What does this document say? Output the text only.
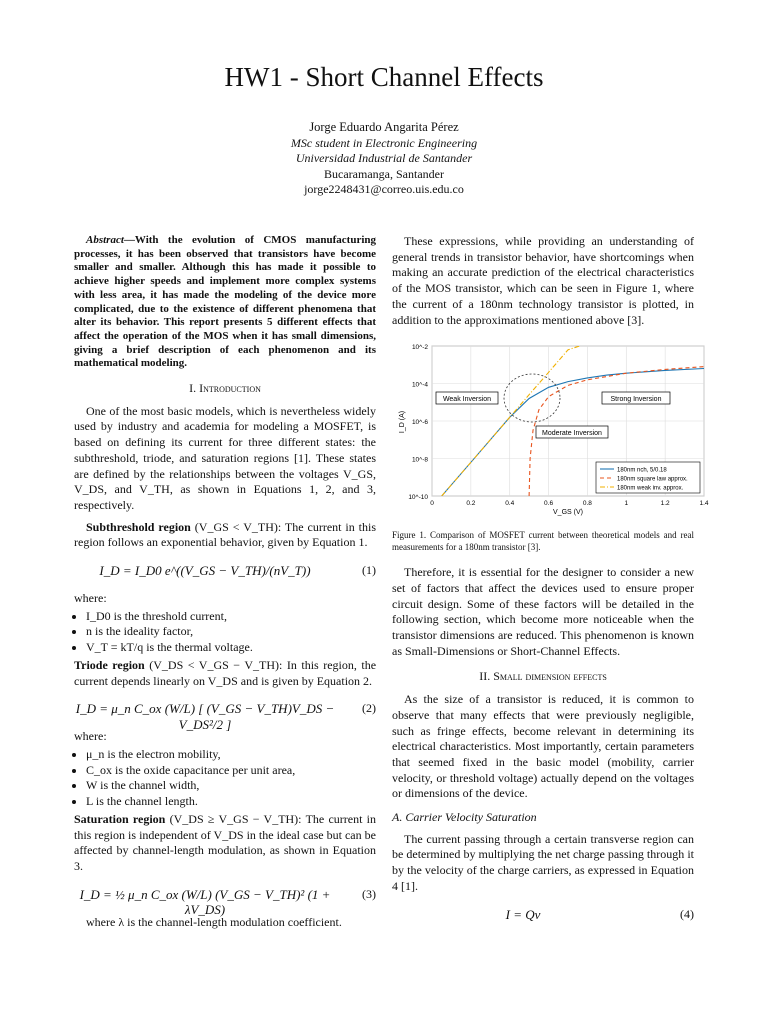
HW1 - Short Channel Effects
Jorge Eduardo Angarita Pérez
MSc student in Electronic Engineering
Universidad Industrial de Santander
Bucaramanga, Santander
jorge2248431@correo.uis.edu.co

Abstract—With the evolution of CMOS manufacturing processes, it has been observed that transistors have become smaller and smaller. Although this has made it possible to achieve higher speeds and implement more complex systems with less area, it has made the modeling of the device more complicated, due to the existence of different phenomena that alter its behavior. This report presents 5 different effects that affect the operation of the MOS when it has small dimensions, giving a brief description of each phenomenon and its mathematical modeling.

I. Introduction

One of the most basic models, which is nevertheless widely used by industry and academia for modeling a MOSFET, is based on defining its current for three different states: the subthreshold, triode, and saturation regions [1]. These states are defined by the relationships between the voltages V_GS, V_DS, and V_TH, as shown in Equations 1, 2, and 3, respectively.

Subthreshold region (V_GS < V_TH): The current in this region follows an exponential behavior, given by Equation 1.

I_D = I_D0 e^((V_GS − V_TH)/(nV_T))	(1)
where:
• I_D0 is the threshold current,
• n is the ideality factor,
• V_T = kT/q is the thermal voltage.

Triode region (V_DS < V_GS − V_TH): In this region, the current depends linearly on V_DS and is given by Equation 2.

I_D = μ_n C_ox (W/L) [ (V_GS − V_TH)V_DS − V_DS²/2 ]
(2)
where:
• μ_n is the electron mobility,
• C_ox is the oxide capacitance per unit area,
• W is the channel width,
• L is the channel length.

Saturation region (V_DS ≥ V_GS − V_TH): The current in this region is independent of V_DS in the ideal case but can be affected by channel-length modulation, as shown in Equation 3.

I_D = ½ μ_n C_ox (W/L) (V_GS − V_TH)² (1 + λV_DS)
(3)

where λ is the channel-length modulation coefficient.

These expressions, while providing an understanding of general trends in transistor behavior, have shortcomings when making an accurate prediction of the electrical characteristics of the MOS transistor, which can be seen in Figure 1, where the current of a 180nm technology transistor is plotted, in addition to the approximations mentioned above [3].

10^-2
10^-4
10^-6
10^-8
10^-10
0	0.2	0.4	0.6	0.8	1	1.2	1.4
Weak Inversion	Strong Inversion
Moderate Inversion
180nm nch, 5/0.18
180nm square law approx.
180nm weak inv. approx.
V_GS (V)
I_D (A)

Figure 1. Comparison of MOSFET current between theoretical models and real measurements for a 180nm transistor [3].

Therefore, it is essential for the designer to consider a new set of factors that affect the devices used to ensure proper circuit design. Some of these factors will be detailed in the following section, which become more noticeable when the transistor dimensions are reduced. This phenomenon is known as Small-Dimensions or Short-Channel Effects.

II. Small dimension effects

As the size of a transistor is reduced, it is common to observe that many effects that were previously negligible, such as fringe effects, become relevant in determining its electrical characteristics. Most importantly, certain parameters that seemed fixed in the basic model (mobility, carrier velocity, or threshold voltage) actually depend on the voltages or dimensions of the device.

A. Carrier Velocity Saturation

The current passing through a certain transverse region can be determined by multiplying the net charge passing through it by the velocity of the charge carriers, as expressed in Equation 4 [1].

I = Qv	(4)
